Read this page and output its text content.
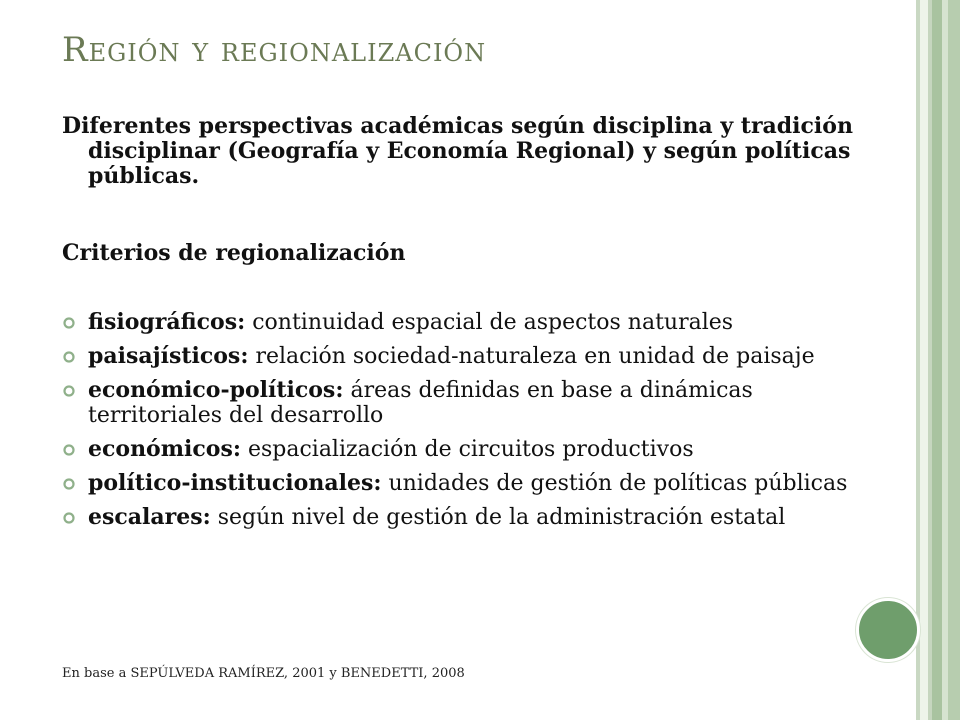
Región y regionalización
Diferentes perspectivas académicas según disciplina y tradición disciplinar (Geografía y Economía Regional) y según políticas públicas.
Criterios de regionalización
fisiográficos: continuidad espacial de aspectos naturales
paisajísticos: relación sociedad-naturaleza en unidad de paisaje
económico-políticos: áreas definidas en base a dinámicas territoriales del desarrollo
económicos: espacialización de circuitos productivos
político-institucionales: unidades de gestión de políticas públicas
escalares: según nivel de gestión de la administración estatal
En base a SEPÚLVEDA RAMÍREZ, 2001 y BENEDETTI, 2008
